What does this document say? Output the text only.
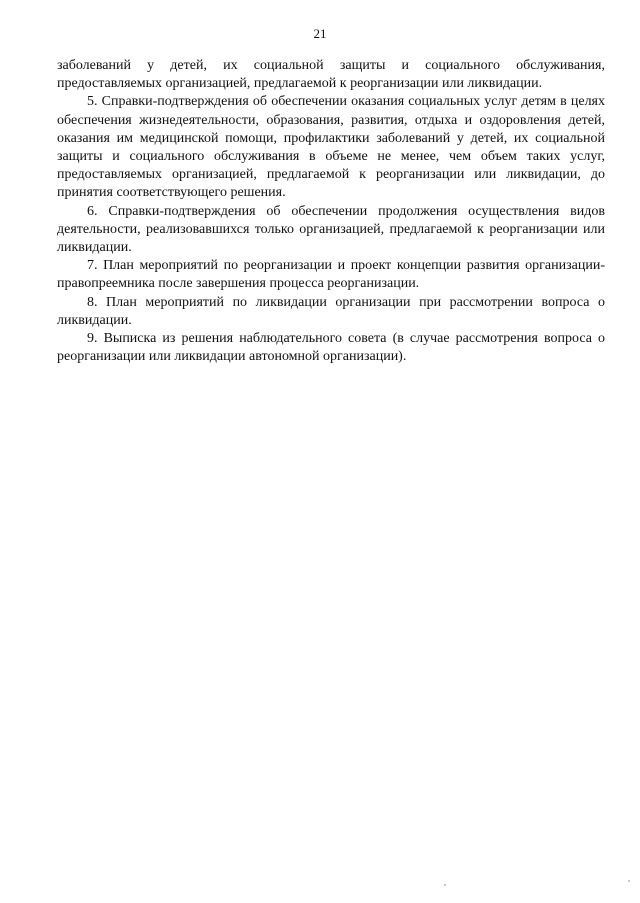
21

заболеваний у детей, их социальной защиты и социального обслуживания, предоставляемых организацией, предлагаемой к реорганизации или ликвидации.

5. Справки-подтверждения об обеспечении оказания социальных услуг детям в целях обеспечения жизнедеятельности, образования, развития, отдыха и оздоровления детей, оказания им медицинской помощи, профилактики заболеваний у детей, их социальной защиты и социального обслуживания в объеме не менее, чем объем таких услуг, предоставляемых организацией, предлагаемой к реорганизации или ликвидации, до принятия соответствующего решения.

6. Справки-подтверждения об обеспечении продолжения осуществления видов деятельности, реализовавшихся только организацией, предлагаемой к реорганизации или ликвидации.

7. План мероприятий по реорганизации и проект концепции развития организации-правопреемника после завершения процесса реорганизации.

8. План мероприятий по ликвидации организации при рассмотрении вопроса о ликвидации.

9. Выписка из решения наблюдательного совета (в случае рассмотрения вопроса о реорганизации или ликвидации автономной организации).
